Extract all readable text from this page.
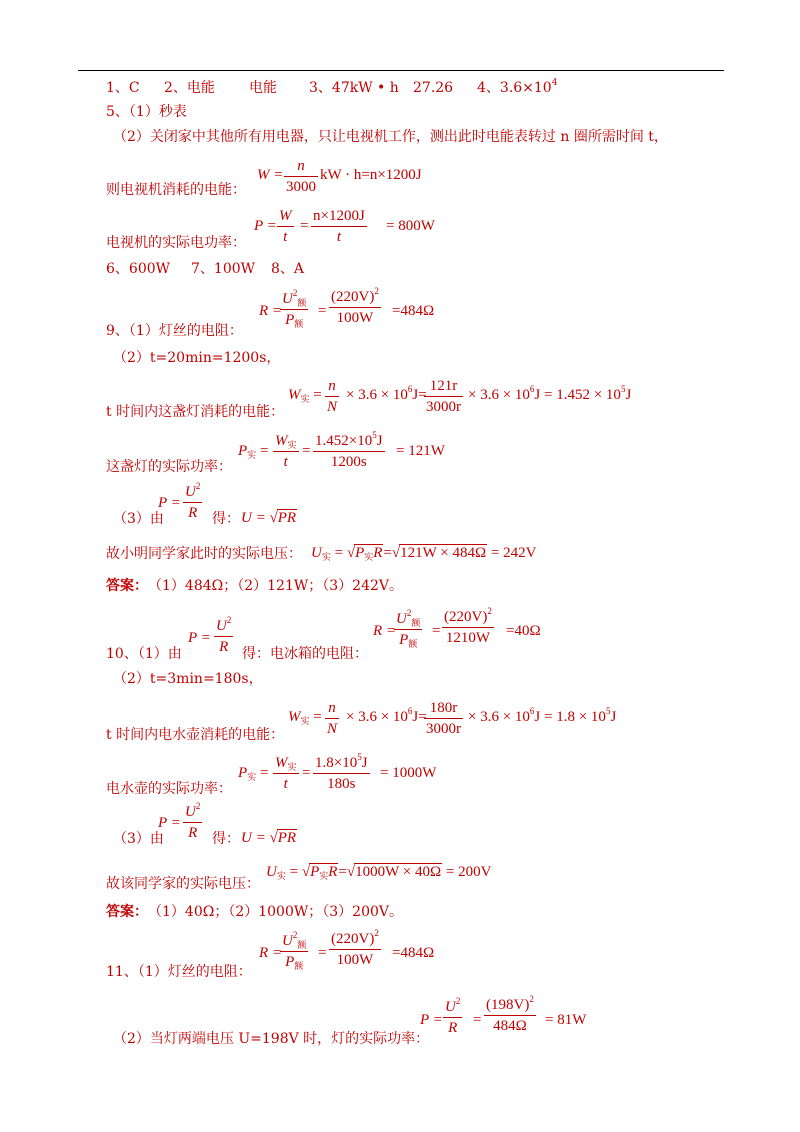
1、C 2、电能 电能 3、47kW • h 27.26 4、$3.6\times 10^4$
5、（1）秒表
（2）关闭家中其他所有用电器，只让电视机工作，测出此时电能表转过 n 圈所需时间 t，
$W = \frac{n}{3000}$ kW · h=n×1200J
则电视机消耗的电能：
$P = \frac{W}{t} = \frac{n\times 1200J}{t} = 800W$
电视机的实际电功率：
6、600W 7、100W 8、A
R =
$U^2_额$
$P_额$
= $\frac{(220V)^2}{100W} =484\Omega$
9、（1）灯丝的电阻：
（2）t=20min=1200s，
$W_实 = \frac{n}{N} \times 3.6 \times 10^6J=$
$\frac{121r}{3000r} \times 3.6 \times 10^6J = 1.452 \times 10^5J$
t 时间内这盏灯消耗的电能：
$P_实$ =
$W_实$
t
= $\frac{1.452\times 10^5J}{1200s} = 121W$
这盏灯的实际功率：
$P = \frac{U^2}{R}$
（3）由	得： U = √PR
故小明同学家此时的实际电压： $U_实 = √P_实R=√121W \times 484\Omega = 242V$
答案： （1）484Ω；（2）121W；（3）242V。
$P = \frac{U^2}{R}$
10、（1）由	得：电冰箱的电阻：
R =
$U^2_额$
$P_额$
= $\frac{(220V)^2}{1210W} =40\Omega$
（2）t=3min=180s，
$W_实 = \frac{n}{N} \times 3.6 \times 10^6J=$
$\frac{180r}{3000r} \times 3.6 \times 10^6J = 1.8 \times 10^5J$
t 时间内电水壶消耗的电能：
$P_实$ =
$W_实$
t
= $\frac{1.8\times 10^5J}{180s} = 1000W$
电水壶的实际功率：
$P = \frac{U^2}{R}$
（3）由	得： U = √PR
故该同学家的实际电压：
$U_实 = √P_实R=√1000W \times 40\Omega = 200V$
答案： （1）40Ω；（2）1000W；（3）200V。
R =
$U^2_额$
$P_额$
= $\frac{(220V)^2}{100W} =484\Omega$
11、（1）灯丝的电阻：
$P = \frac{U^2}{R} = \frac{(198V)^2}{484\Omega} = 81W$
（2）当灯两端电压 U=198V 时，灯的实际功率：
